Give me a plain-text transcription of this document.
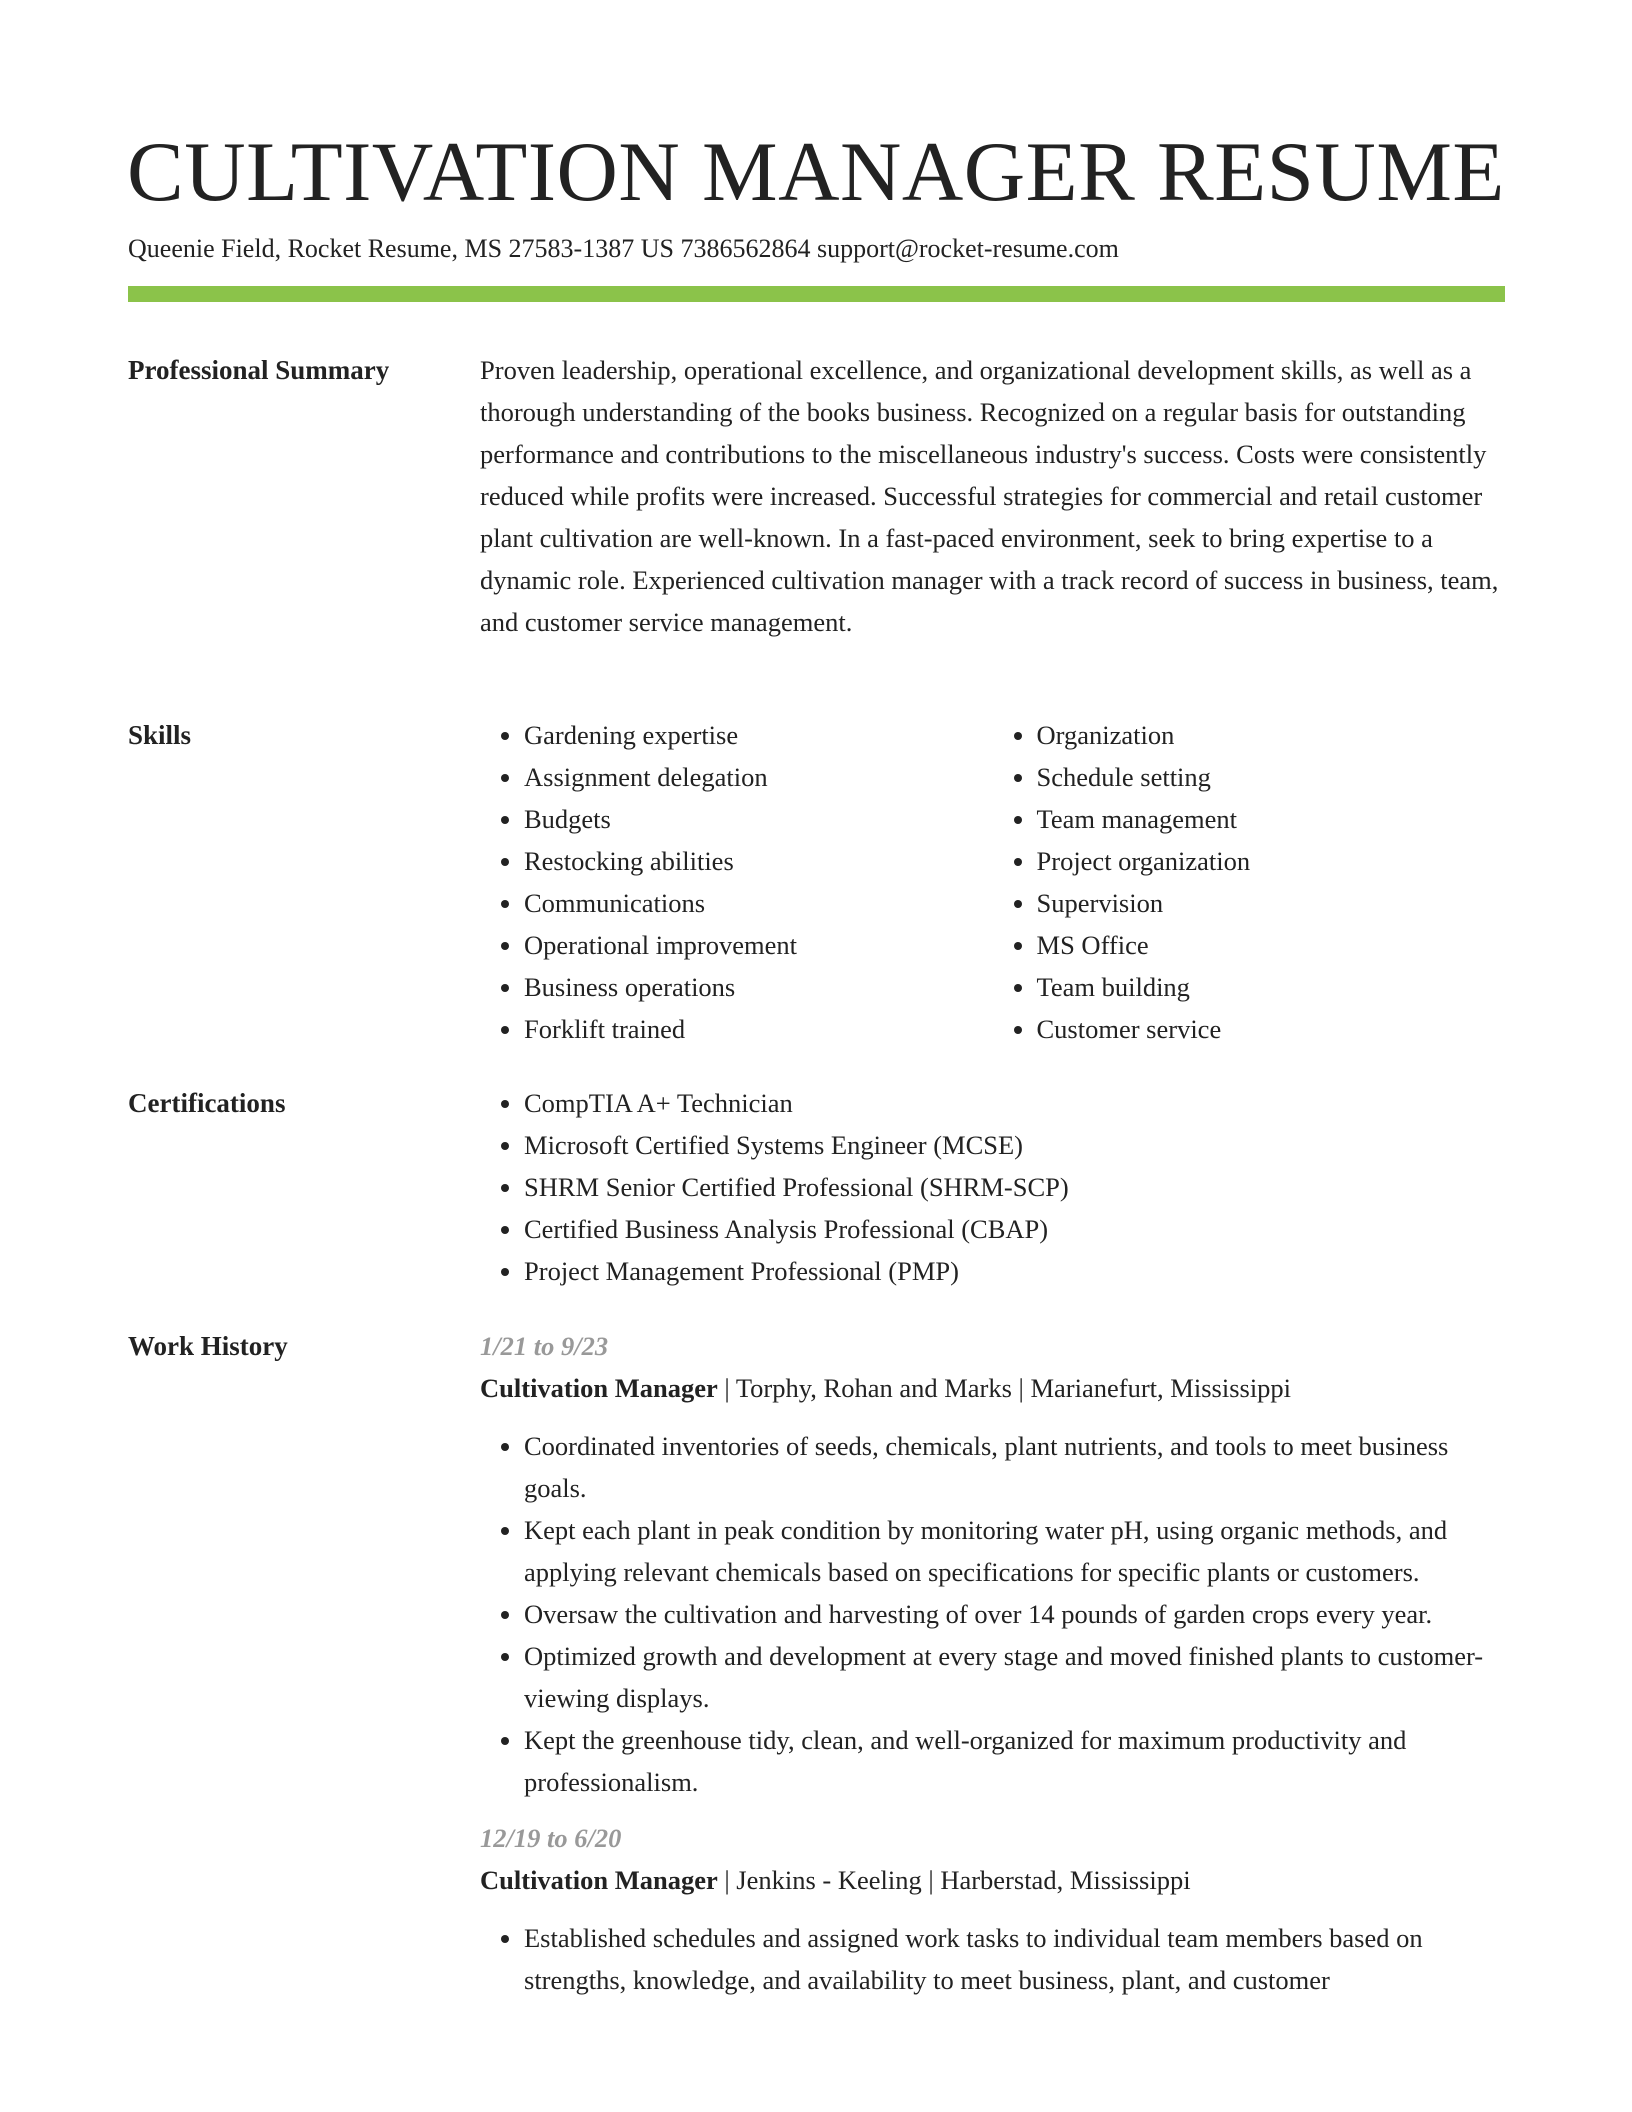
CULTIVATION MANAGER RESUME
Queenie Field, Rocket Resume, MS 27583-1387 US 7386562864 support@rocket-resume.com
Professional Summary	Proven leadership, operational excellence, and organizational development skills, as well as a thorough understanding of the books business. Recognized on a regular basis for outstanding performance and contributions to the miscellaneous industry's success. Costs were consistently reduced while profits were increased. Successful strategies for commercial and retail customer plant cultivation are well-known. In a fast-paced environment, seek to bring expertise to a dynamic role. Experienced cultivation manager with a track record of success in business, team, and customer service management.

Skills	• Gardening expertise
• Assignment delegation
• Budgets
• Restocking abilities
• Communications
• Operational improvement
• Business operations
• Forklift trained
• Organization
• Schedule setting
• Team management
• Project organization
• Supervision
• MS Office
• Team building
• Customer service
Certifications	• CompTIA A+ Technician
• Microsoft Certified Systems Engineer (MCSE)
• SHRM Senior Certified Professional (SHRM-SCP)
• Certified Business Analysis Professional (CBAP)
• Project Management Professional (PMP)
Work History	1/21 to 9/23
Cultivation Manager | Torphy, Rohan and Marks | Marianefurt, Mississippi
• Coordinated inventories of seeds, chemicals, plant nutrients, and tools to meet business goals.
• Kept each plant in peak condition by monitoring water pH, using organic methods, and applying relevant chemicals based on specifications for specific plants or customers.
• Oversaw the cultivation and harvesting of over 14 pounds of garden crops every year.
• Optimized growth and development at every stage and moved finished plants to customer-viewing displays.
• Kept the greenhouse tidy, clean, and well-organized for maximum productivity and professionalism.
12/19 to 6/20
Cultivation Manager | Jenkins - Keeling | Harberstad, Mississippi
• Established schedules and assigned work tasks to individual team members based on strengths, knowledge, and availability to meet business, plant, and customer
